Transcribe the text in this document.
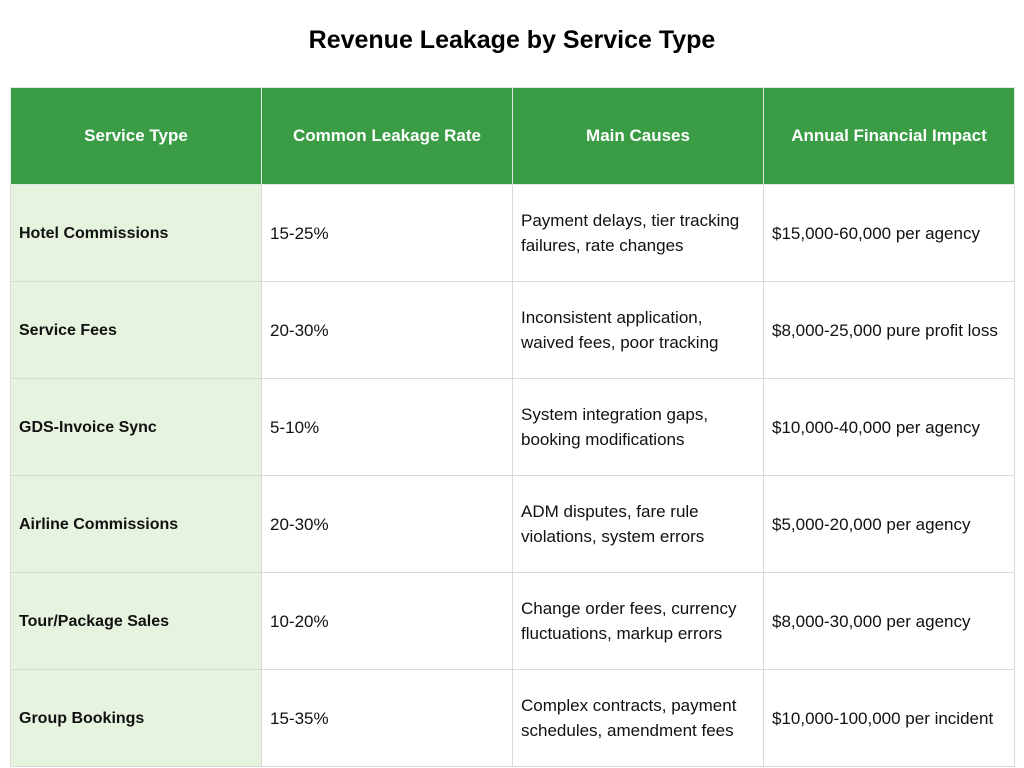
Revenue Leakage by Service Type
Service Type	Common Leakage Rate	Main Causes	Annual Financial Impact
Hotel Commissions	15-25%	Payment delays, tier tracking failures, rate changes	$15,000-60,000 per agency
Service Fees	20-30%	Inconsistent application, waived fees, poor tracking	$8,000-25,000 pure profit loss
GDS-Invoice Sync	5-10%	System integration gaps, booking modifications	$10,000-40,000 per agency
Airline Commissions	20-30%	ADM disputes, fare rule violations, system errors	$5,000-20,000 per agency
Tour/Package Sales	10-20%	Change order fees, currency fluctuations, markup errors	$8,000-30,000 per agency
Group Bookings	15-35%	Complex contracts, payment schedules, amendment fees	$10,000-100,000 per incident
